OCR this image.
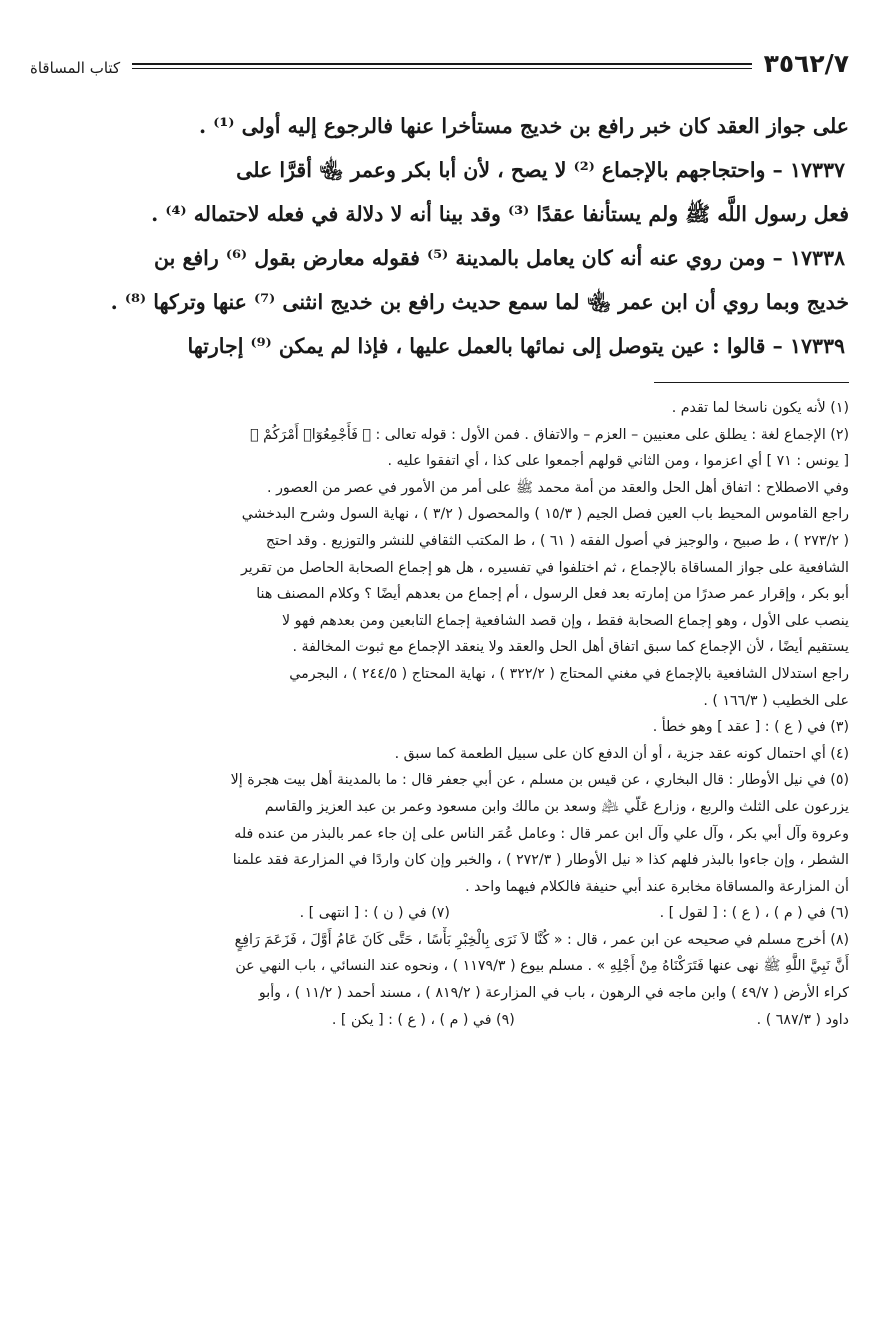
٣٥٦٢/٧
كتاب المساقاة
على جواز العقد كان خبر رافع بن خديج مستأخرا عنها فالرجوع إليه أولى ⁽¹⁾ .
١٧٣٣٧ – واحتجاجهم بالإجماع ⁽²⁾ لا يصح ، لأن أبا بكر وعمر ﵄ أقرَّا على
فعل رسول اللَّه ﷺ ولم يستأنفا عقدًا ⁽³⁾ وقد بينا أنه لا دلالة في فعله لاحتماله ⁽⁴⁾ .
١٧٣٣٨ – ومن روي عنه أنه كان يعامل بالمدينة ⁽⁵⁾ فقوله معارض بقول ⁽⁶⁾ رافع بن
خديج وبما روي أن ابن عمر ﵄ لما سمع حديث رافع بن خديج انثنى ⁽⁷⁾ عنها وتركها ⁽⁸⁾ .
١٧٣٣٩ – قالوا : عين يتوصل إلى نمائها بالعمل عليها ، فإذا لم يمكن ⁽⁹⁾ إجارتها
(١) لأنه يكون ناسخا لما تقدم .
(٢) الإجماع لغة : يطلق على معنيين – العزم – والاتفاق . فمن الأول : قوله تعالى : ﴿ فَأَجْمِعُوٓا۟ أَمْرَكُمْ ﴾
[ يونس : ٧١ ] أي اعزموا ، ومن الثاني قولهم أجمعوا على كذا ، أي اتفقوا عليه .
وفي الاصطلاح : اتفاق أهل الحل والعقد من أمة محمد ﷺ على أمر من الأمور في عصر من العصور .
راجع القاموس المحيط باب العين فصل الجيم ( ١٥/٣ ) والمحصول ( ٣/٢ ) ، نهاية السول وشرح البدخشي
( ٢٧٣/٢ ) ، ط صبيح ، والوجيز في أصول الفقه ( ٦١ ) ، ط المكتب الثقافي للنشر والتوزيع . وقد احتج
الشافعية على جواز المساقاة بالإجماع ، ثم اختلفوا في تفسيره ، هل هو إجماع الصحابة الحاصل من تقرير
أبو بكر ، وإقرار عمر صدرًا من إمارته بعد فعل الرسول ، أم إجماع من بعدهم أيضًا ؟ وكلام المصنف هنا
ينصب على الأول ، وهو إجماع الصحابة فقط ، وإن قصد الشافعية إجماع التابعين ومن بعدهم فهو لا
يستقيم أيضًا ، لأن الإجماع كما سبق اتفاق أهل الحل والعقد ولا ينعقد الإجماع مع ثبوت المخالفة .
راجع استدلال الشافعية بالإجماع في مغني المحتاج ( ٣٢٢/٢ ) ، نهاية المحتاج ( ٢٤٤/٥ ) ، البجرمي
على الخطيب ( ١٦٦/٣ ) .
(٣) في ( ع ) : [ عقد ] وهو خطأ .
(٤) أي احتمال كونه عقد جزية ، أو أن الدفع كان على سبيل الطعمة كما سبق .
(٥) في نيل الأوطار : قال البخاري ، عن قيس بن مسلم ، عن أبي جعفر قال : ما بالمدينة أهل بيت هجرة إلا
يزرعون على الثلث والربع ، وزارع عَلّي ﵇ وسعد بن مالك وابن مسعود وعمر بن عبد العزيز والقاسم
وعروة وآل أبي بكر ، وآل علي وآل ابن عمر قال : وعامل عُمَر الناس على إن جاء عمر بالبذر من عنده فله
الشطر ، وإن جاءوا بالبذر فلهم كذا « نيل الأوطار ( ٢٧٢/٣ ) ، والخبر وإن كان واردًا في المزارعة فقد علمنا
أن المزارعة والمساقاة مخابرة عند أبي حنيفة فالكلام فيهما واحد .
(٦) في ( م ) ، ( ع ) : [ لقول ] .
(٧) في ( ن ) : [ انتهى ] .
(٨) أخرج مسلم في صحيحه عن ابن عمر ، قال : « كُنَّا لاَ نَرَى بِالْخِبْرِ بَأْسًا ، حَتَّى كَانَ عَامُ أَوَّلَ ، فَزَعَمَ رَافِعٍ
أَنَّ نَبِيَّ اللَّهِ ﷺ نهى عنها فَتَرَكْنَاهُ مِنْ أَجْلِهِ » . مسلم بيوع ( ١١٧٩/٣ ) ، ونحوه عند النسائي ، باب النهي عن
كراء الأرض ( ٤٩/٧ ) وابن ماجه في الرهون ، باب في المزارعة ( ٨١٩/٢ ) ، مسند أحمد ( ١١/٢ ) ، وأبو
داود ( ٦٨٧/٣ ) .
(٩) في ( م ) ، ( ع ) : [ يكن ] .
